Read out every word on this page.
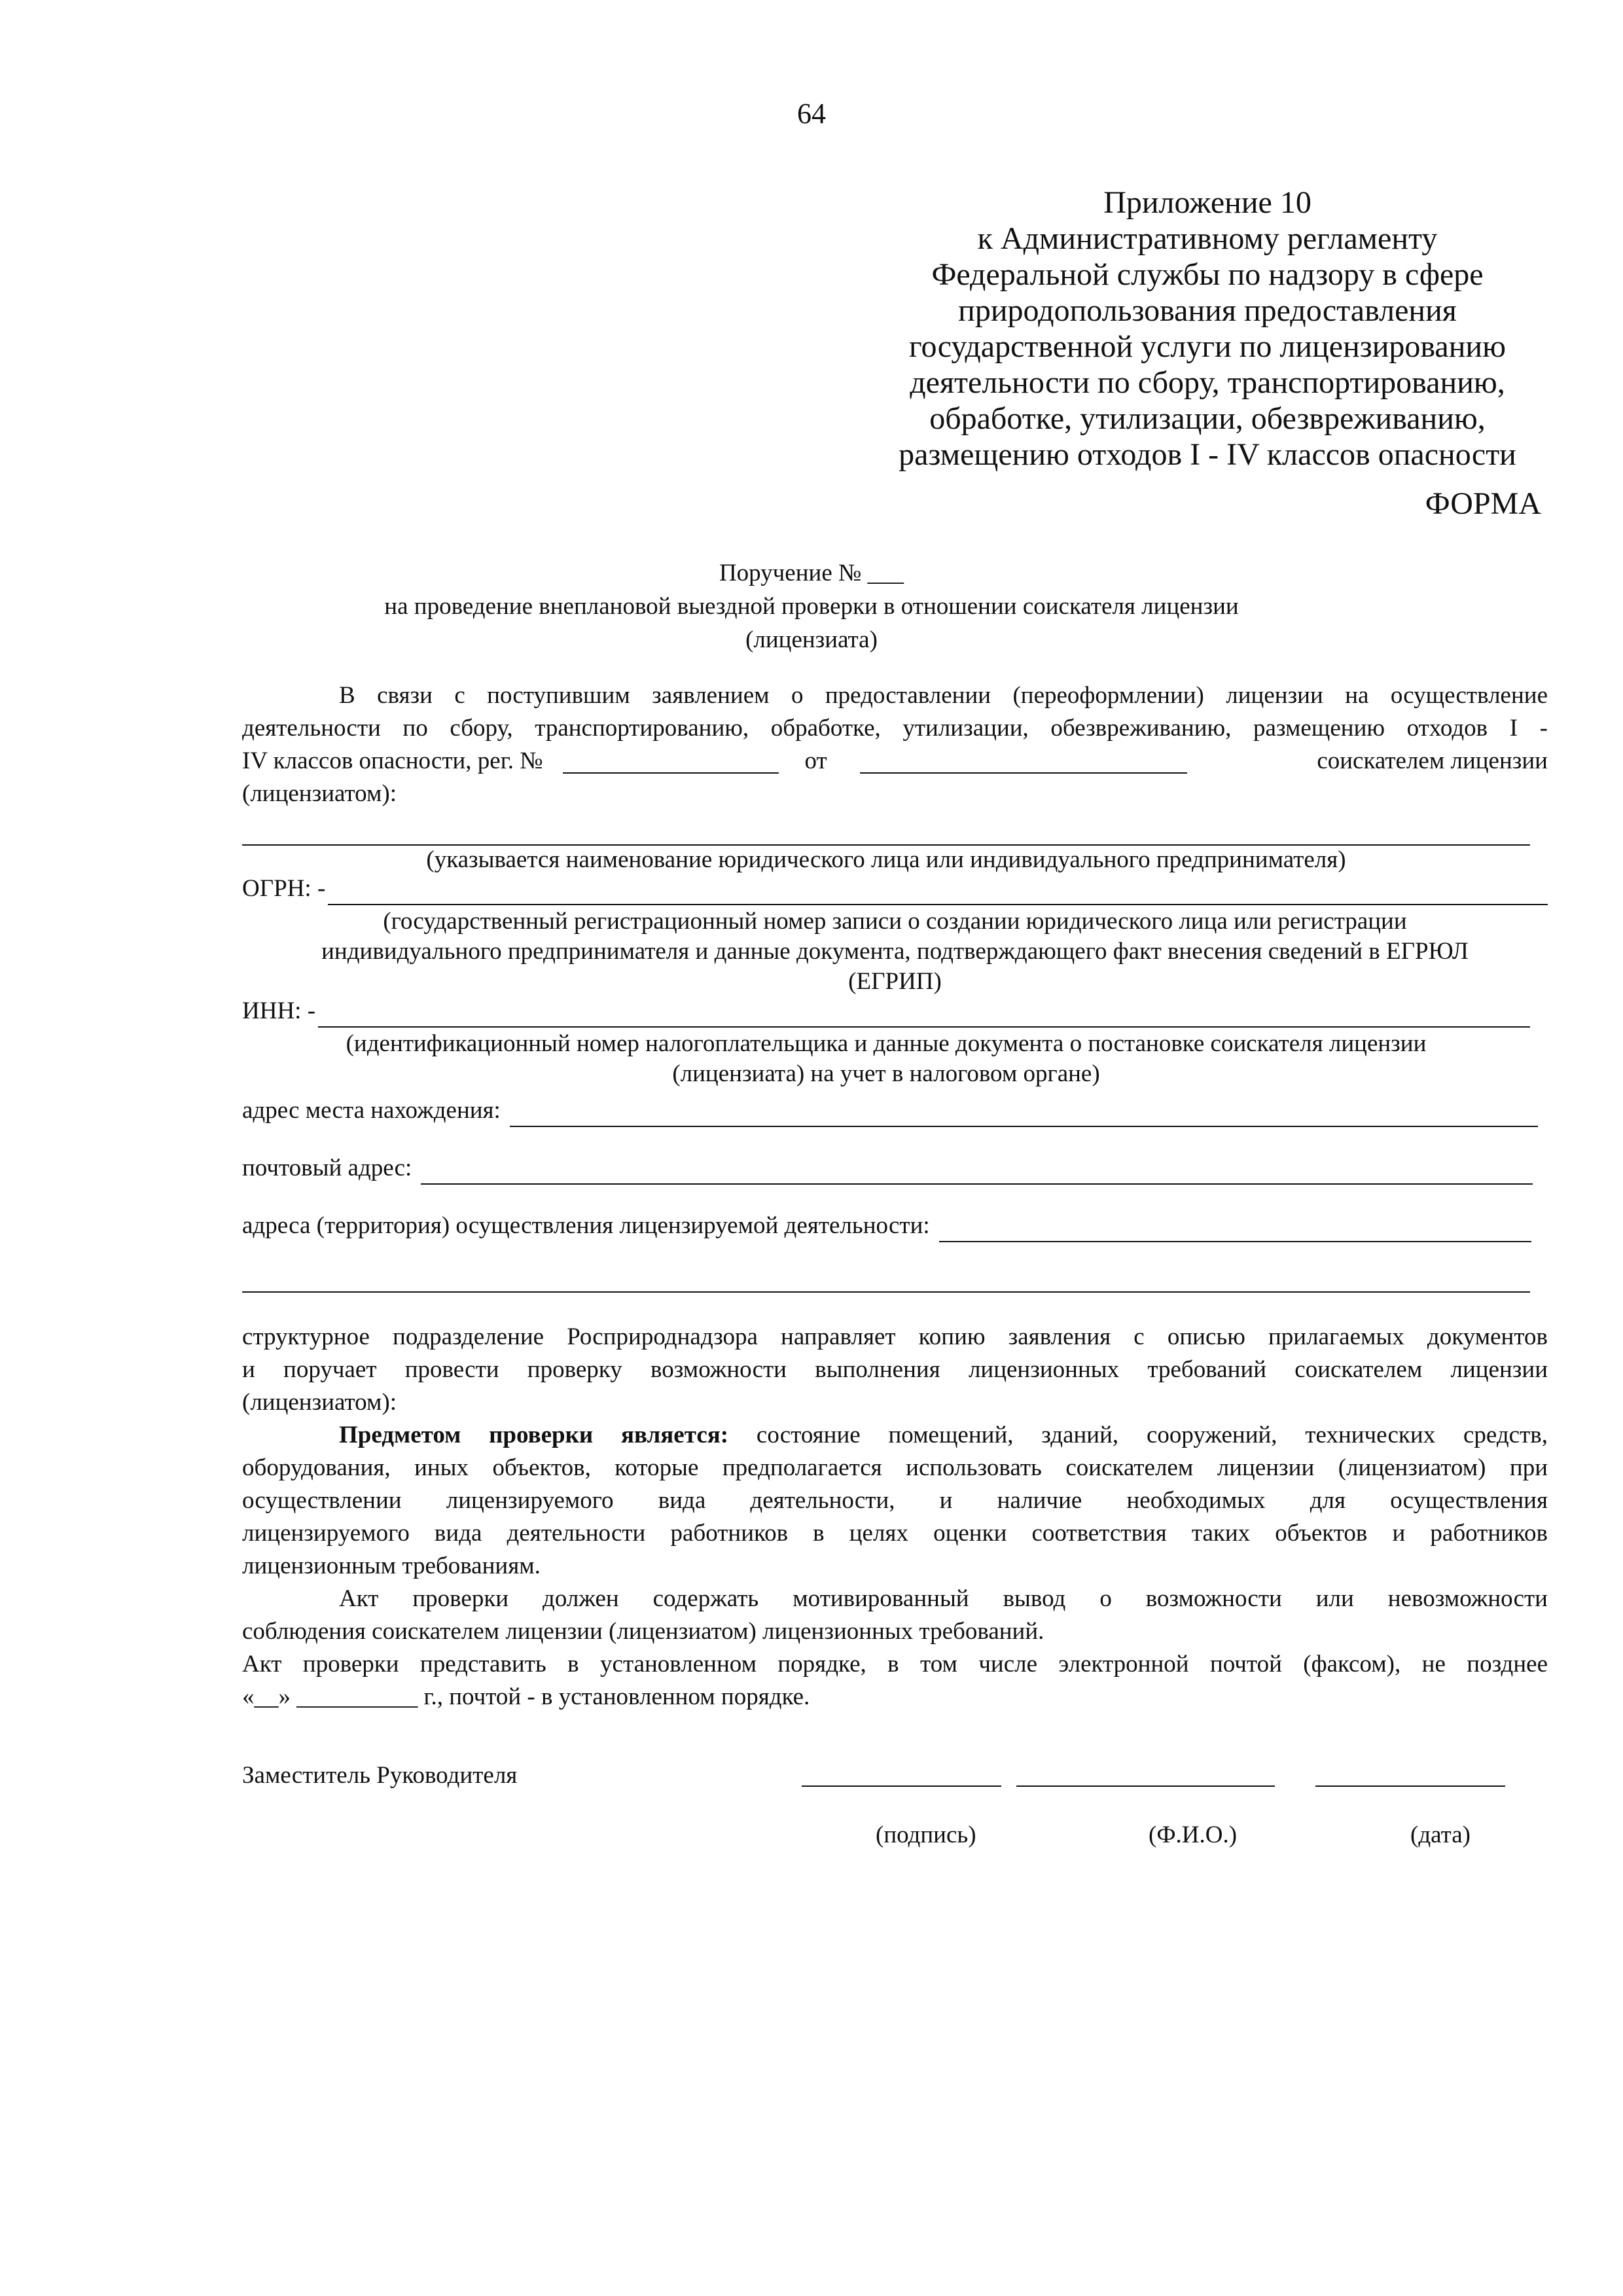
64
Приложение 10
к Административному регламенту
Федеральной службы по надзору в сфере
природопользования предоставления
государственной услуги по лицензированию
деятельности по сбору, транспортированию,
обработке, утилизации, обезвреживанию,
размещению отходов I - IV классов опасности
ФОРМА
Поручение № ___
на проведение внеплановой выездной проверки в отношении соискателя лицензии
(лицензиата)
В связи с поступившим заявлением о предоставлении (переоформлении) лицензии на осуществление
деятельности по сбору, транспортированию, обработке, утилизации, обезвреживанию, размещению отходов I -
IV классов опасности, рег. №	от	соискателем лицензии
(лицензиатом):
(указывается наименование юридического лица или индивидуального предпринимателя)
ОГРН: -
(государственный регистрационный номер записи о создании юридического лица или регистрации
индивидуального предпринимателя и данные документа, подтверждающего факт внесения сведений в ЕГРЮЛ
(ЕГРИП)
ИНН: -
(идентификационный номер налогоплательщика и данные документа о постановке соискателя лицензии
(лицензиата) на учет в налоговом органе)
адрес места нахождения:
почтовый адрес:
адреса (территория) осуществления лицензируемой деятельности:
структурное подразделение Росприроднадзора направляет копию заявления с описью прилагаемых документов
и поручает провести проверку возможности выполнения лицензионных требований соискателем лицензии
(лицензиатом):
Предметом проверки является: состояние помещений, зданий, сооружений, технических средств,
оборудования, иных объектов, которые предполагается использовать соискателем лицензии (лицензиатом) при
осуществлении лицензируемого вида деятельности, и наличие необходимых для осуществления
лицензируемого вида деятельности работников в целях оценки соответствия таких объектов и работников
лицензионным требованиям.
Акт проверки должен содержать мотивированный вывод о возможности или невозможности
соблюдения соискателем лицензии (лицензиатом) лицензионных требований.
Акт проверки представить в установленном порядке, в том числе электронной почтой (факсом), не позднее
«__» __________ г., почтой - в установленном порядке.
Заместитель Руководителя
(подпись)	(Ф.И.О.)	(дата)
